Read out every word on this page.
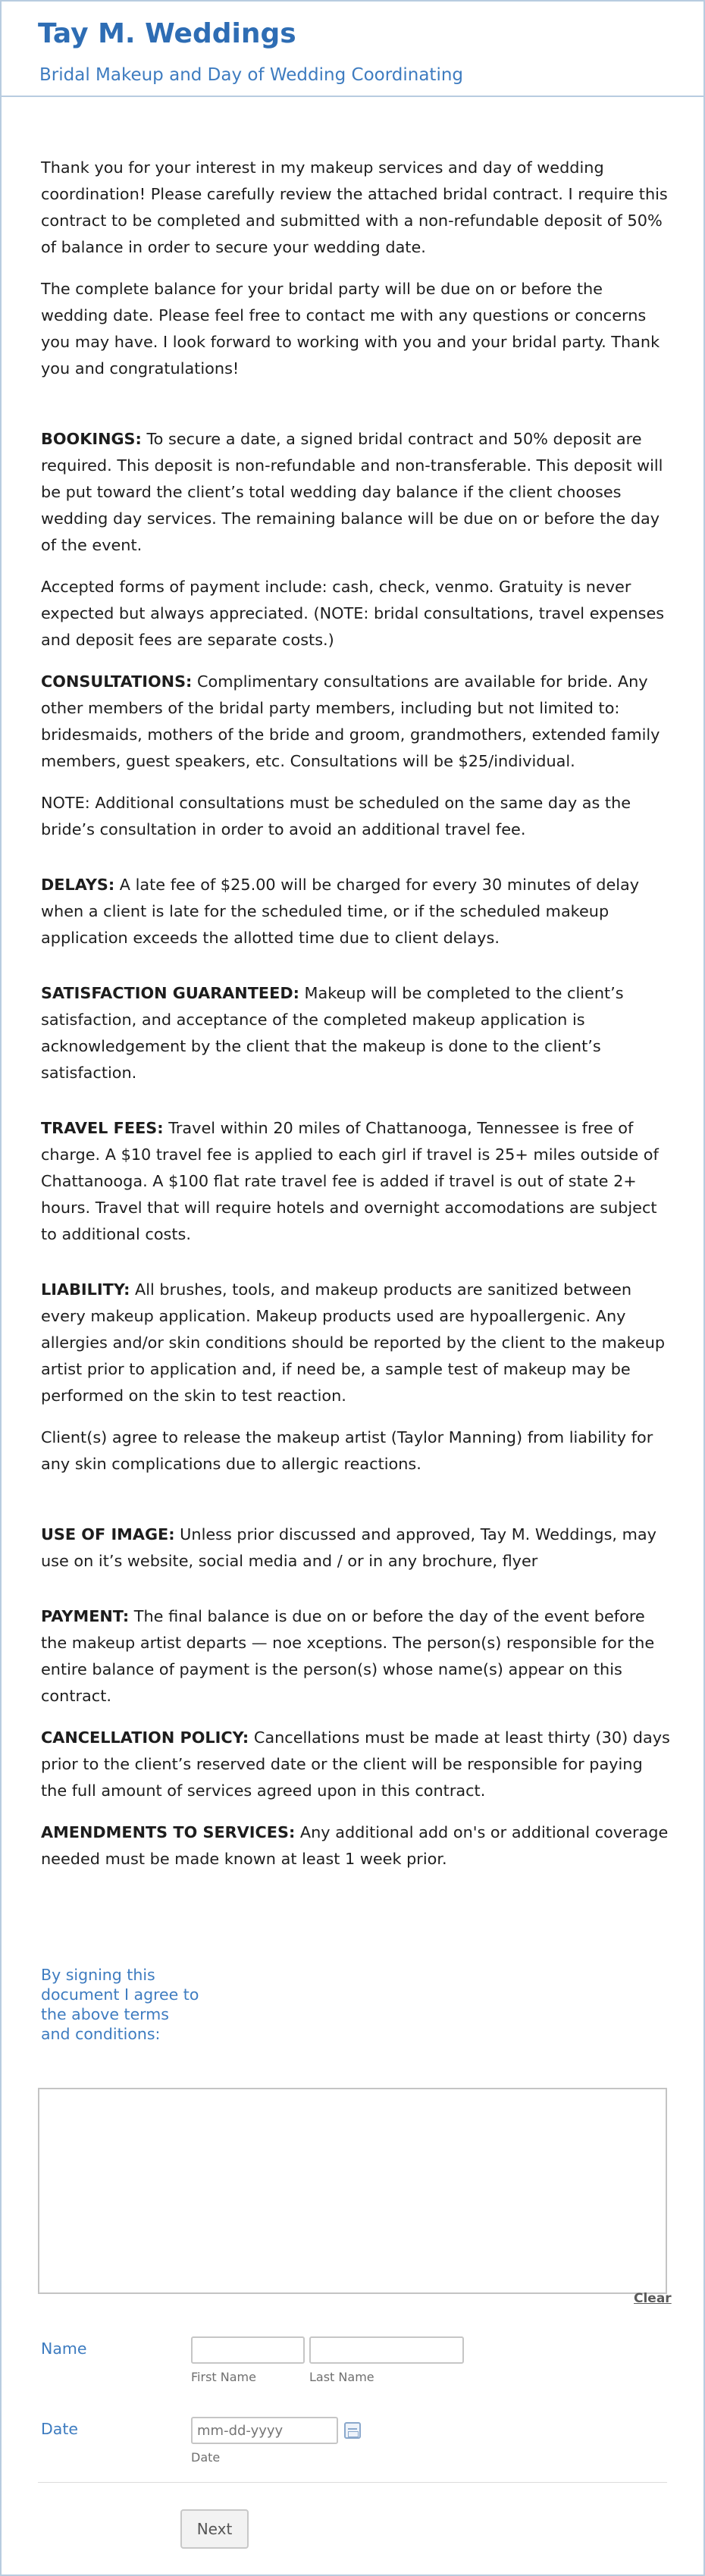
Tay M. Weddings
Bridal Makeup and Day of Wedding Coordinating

Thank you for your interest in my makeup services and day of wedding coordination! Please carefully review the attached bridal contract. I require this contract to be completed and submitted with a non-refundable deposit of 50% of balance in order to secure your wedding date.

The complete balance for your bridal party will be due on or before the wedding date. Please feel free to contact me with any questions or concerns you may have. I look forward to working with you and your bridal party. Thank you and congratulations!

BOOKINGS: To secure a date, a signed bridal contract and 50% deposit are required. This deposit is non-refundable and non-transferable. This deposit will be put toward the client’s total wedding day balance if the client chooses wedding day services. The remaining balance will be due on or before the day of the event.

Accepted forms of payment include: cash, check, venmo. Gratuity is never expected but always appreciated. (NOTE: bridal consultations, travel expenses and deposit fees are separate costs.)

CONSULTATIONS: Complimentary consultations are available for bride. Any other members of the bridal party members, including but not limited to: bridesmaids, mothers of the bride and groom, grandmothers, extended family members, guest speakers, etc. Consultations will be $25/individual.

NOTE: Additional consultations must be scheduled on the same day as the bride’s consultation in order to avoid an additional travel fee.

DELAYS: A late fee of $25.00 will be charged for every 30 minutes of delay when a client is late for the scheduled time, or if the scheduled makeup application exceeds the allotted time due to client delays.

SATISFACTION GUARANTEED: Makeup will be completed to the client’s satisfaction, and acceptance of the completed makeup application is acknowledgement by the client that the makeup is done to the client’s satisfaction.

TRAVEL FEES: Travel within 20 miles of Chattanooga, Tennessee is free of charge. A $10 travel fee is applied to each girl if travel is 25+ miles outside of Chattanooga. A $100 flat rate travel fee is added if travel is out of state 2+ hours. Travel that will require hotels and overnight accomodations are subject to additional costs.

LIABILITY: All brushes, tools, and makeup products are sanitized between every makeup application. Makeup products used are hypoallergenic. Any allergies and/or skin conditions should be reported by the client to the makeup artist prior to application and, if need be, a sample test of makeup may be performed on the skin to test reaction.

Client(s) agree to release the makeup artist (Taylor Manning) from liability for any skin complications due to allergic reactions.

USE OF IMAGE: Unless prior discussed and approved, Tay M. Weddings, may use on it’s website, social media and / or in any brochure, flyer

PAYMENT: The final balance is due on or before the day of the event before the makeup artist departs — noe xceptions. The person(s) responsible for the entire balance of payment is the person(s) whose name(s) appear on this contract.

CANCELLATION POLICY: Cancellations must be made at least thirty (30) days prior to the client’s reserved date or the client will be responsible for paying the full amount of services agreed upon in this contract.

AMENDMENTS TO SERVICES: Any additional add on's or additional coverage needed must be made known at least 1 week prior.

By signing this document I agree to the above terms and conditions:
Clear
Name
First Name	Last Name
Date
mm-dd-yyyy
Date
Next
